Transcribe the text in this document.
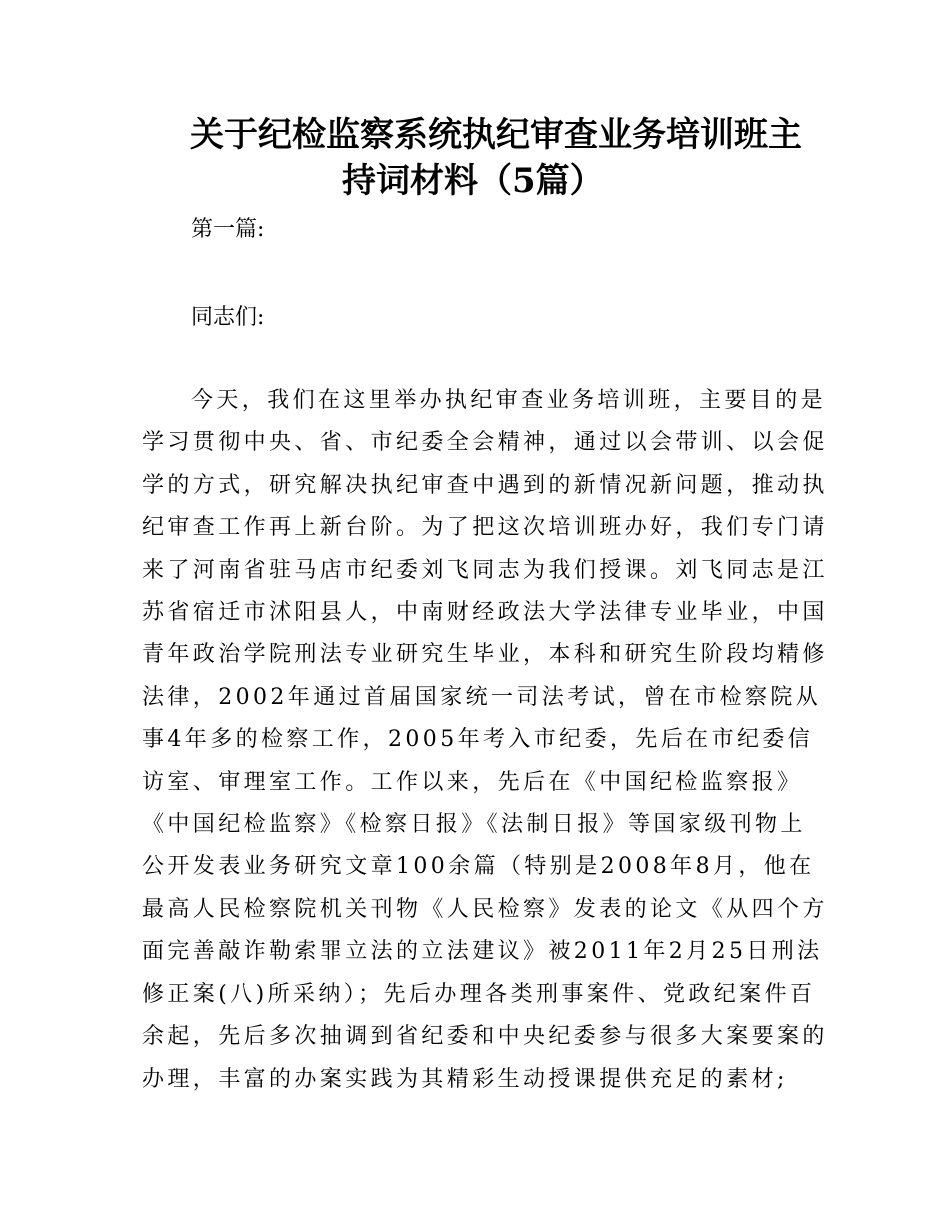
关于纪检监察系统执纪审查业务培训班主
持词材料（5篇）
第一篇:
同志们:
今天，我们在这里举办执纪审查业务培训班，主要目的是
学习贯彻中央、省、市纪委全会精神，通过以会带训、以会促
学的方式，研究解决执纪审查中遇到的新情况新问题，推动执
纪审查工作再上新台阶。为了把这次培训班办好，我们专门请
来了河南省驻马店市纪委刘飞同志为我们授课。刘飞同志是江
苏省宿迁市沭阳县人，中南财经政法大学法律专业毕业，中国
青年政治学院刑法专业研究生毕业，本科和研究生阶段均精修
法律，2002年通过首届国家统一司法考试，曾在市检察院从
事4年多的检察工作，2005年考入市纪委，先后在市纪委信
访室、审理室工作。工作以来，先后在《中国纪检监察报》
《中国纪检监察》《检察日报》《法制日报》等国家级刊物上
公开发表业务研究文章100余篇（特别是2008年8月，他在
最高人民检察院机关刊物《人民检察》发表的论文《从四个方
面完善敲诈勒索罪立法的立法建议》被2011年2月25日刑法
修正案(八)所采纳）；先后办理各类刑事案件、党政纪案件百
余起，先后多次抽调到省纪委和中央纪委参与很多大案要案的
办理，丰富的办案实践为其精彩生动授课提供充足的素材;
